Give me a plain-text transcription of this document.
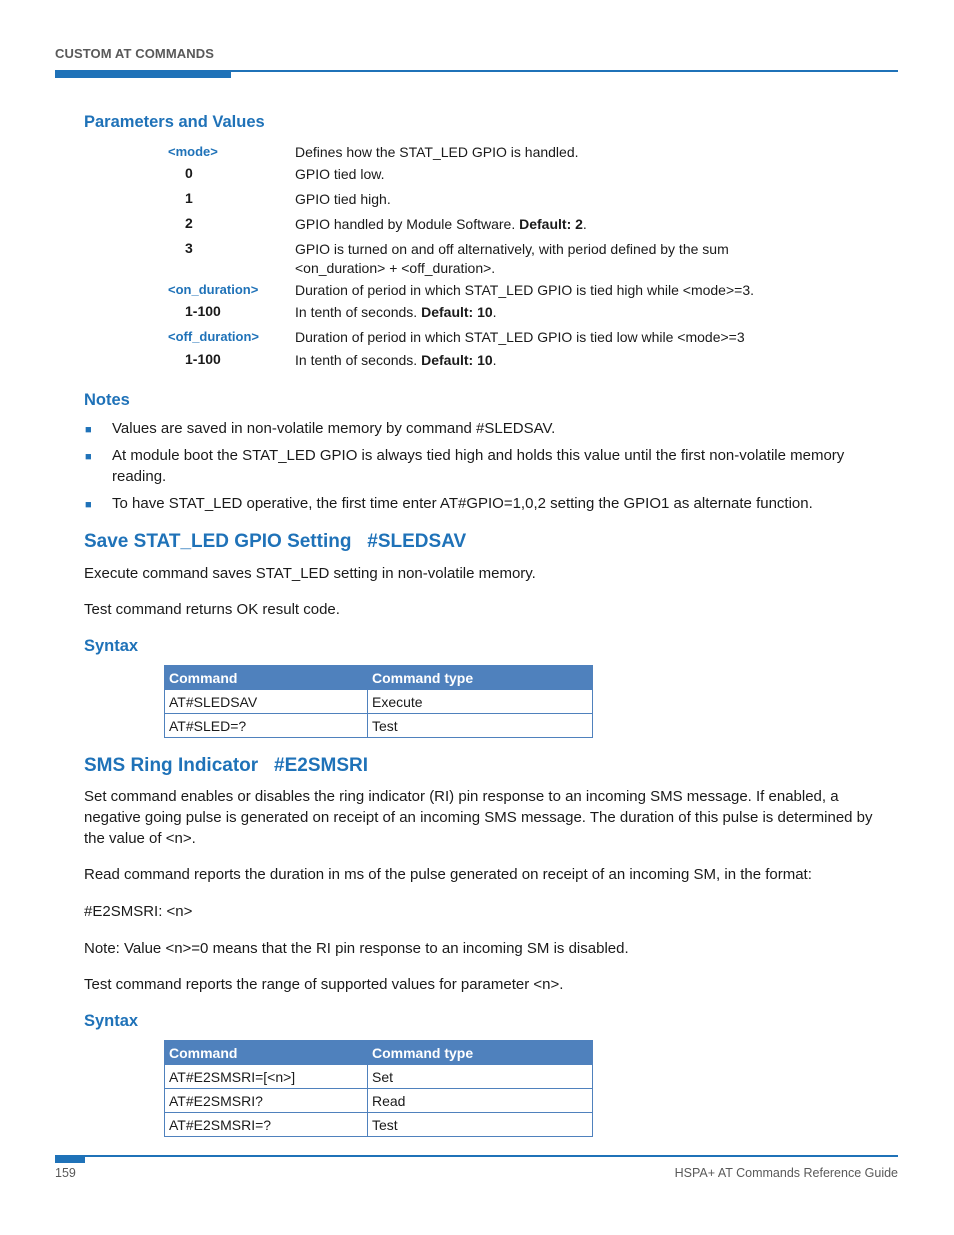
CUSTOM AT COMMANDS
Parameters and Values
<mode>	Defines how the STAT_LED GPIO is handled.
0	GPIO tied low.
1	GPIO tied high.
2	GPIO handled by Module Software. Default: 2.
3	GPIO is turned on and off alternatively, with period defined by the sum <on_duration> + <off_duration>.
<on_duration>	Duration of period in which STAT_LED GPIO is tied high while <mode>=3.
1-100	In tenth of seconds. Default: 10.
<off_duration>	Duration of period in which STAT_LED GPIO is tied low while <mode>=3
1-100	In tenth of seconds. Default: 10.
Notes
■ Values are saved in non-volatile memory by command #SLEDSAV.
■ At module boot the STAT_LED GPIO is always tied high and holds this value until the first non-volatile memory reading.
■ To have STAT_LED operative, the first time enter AT#GPIO=1,0,2 setting the GPIO1 as alternate function.
Save STAT_LED GPIO Setting   #SLEDSAV
Execute command saves STAT_LED setting in non-volatile memory.
Test command returns OK result code.
Syntax
Command	Command type
AT#SLEDSAV	Execute
AT#SLED=?	Test
SMS Ring Indicator   #E2SMSRI
Set command enables or disables the ring indicator (RI) pin response to an incoming SMS message. If enabled, a negative going pulse is generated on receipt of an incoming SMS message. The duration of this pulse is determined by the value of <n>.
Read command reports the duration in ms of the pulse generated on receipt of an incoming SM, in the format:
#E2SMSRI: <n>
Note: Value <n>=0 means that the RI pin response to an incoming SM is disabled.
Test command reports the range of supported values for parameter <n>.
Syntax
Command	Command type
AT#E2SMSRI=[<n>]	Set
AT#E2SMSRI?	Read
AT#E2SMSRI=?	Test
159	HSPA+ AT Commands Reference Guide
